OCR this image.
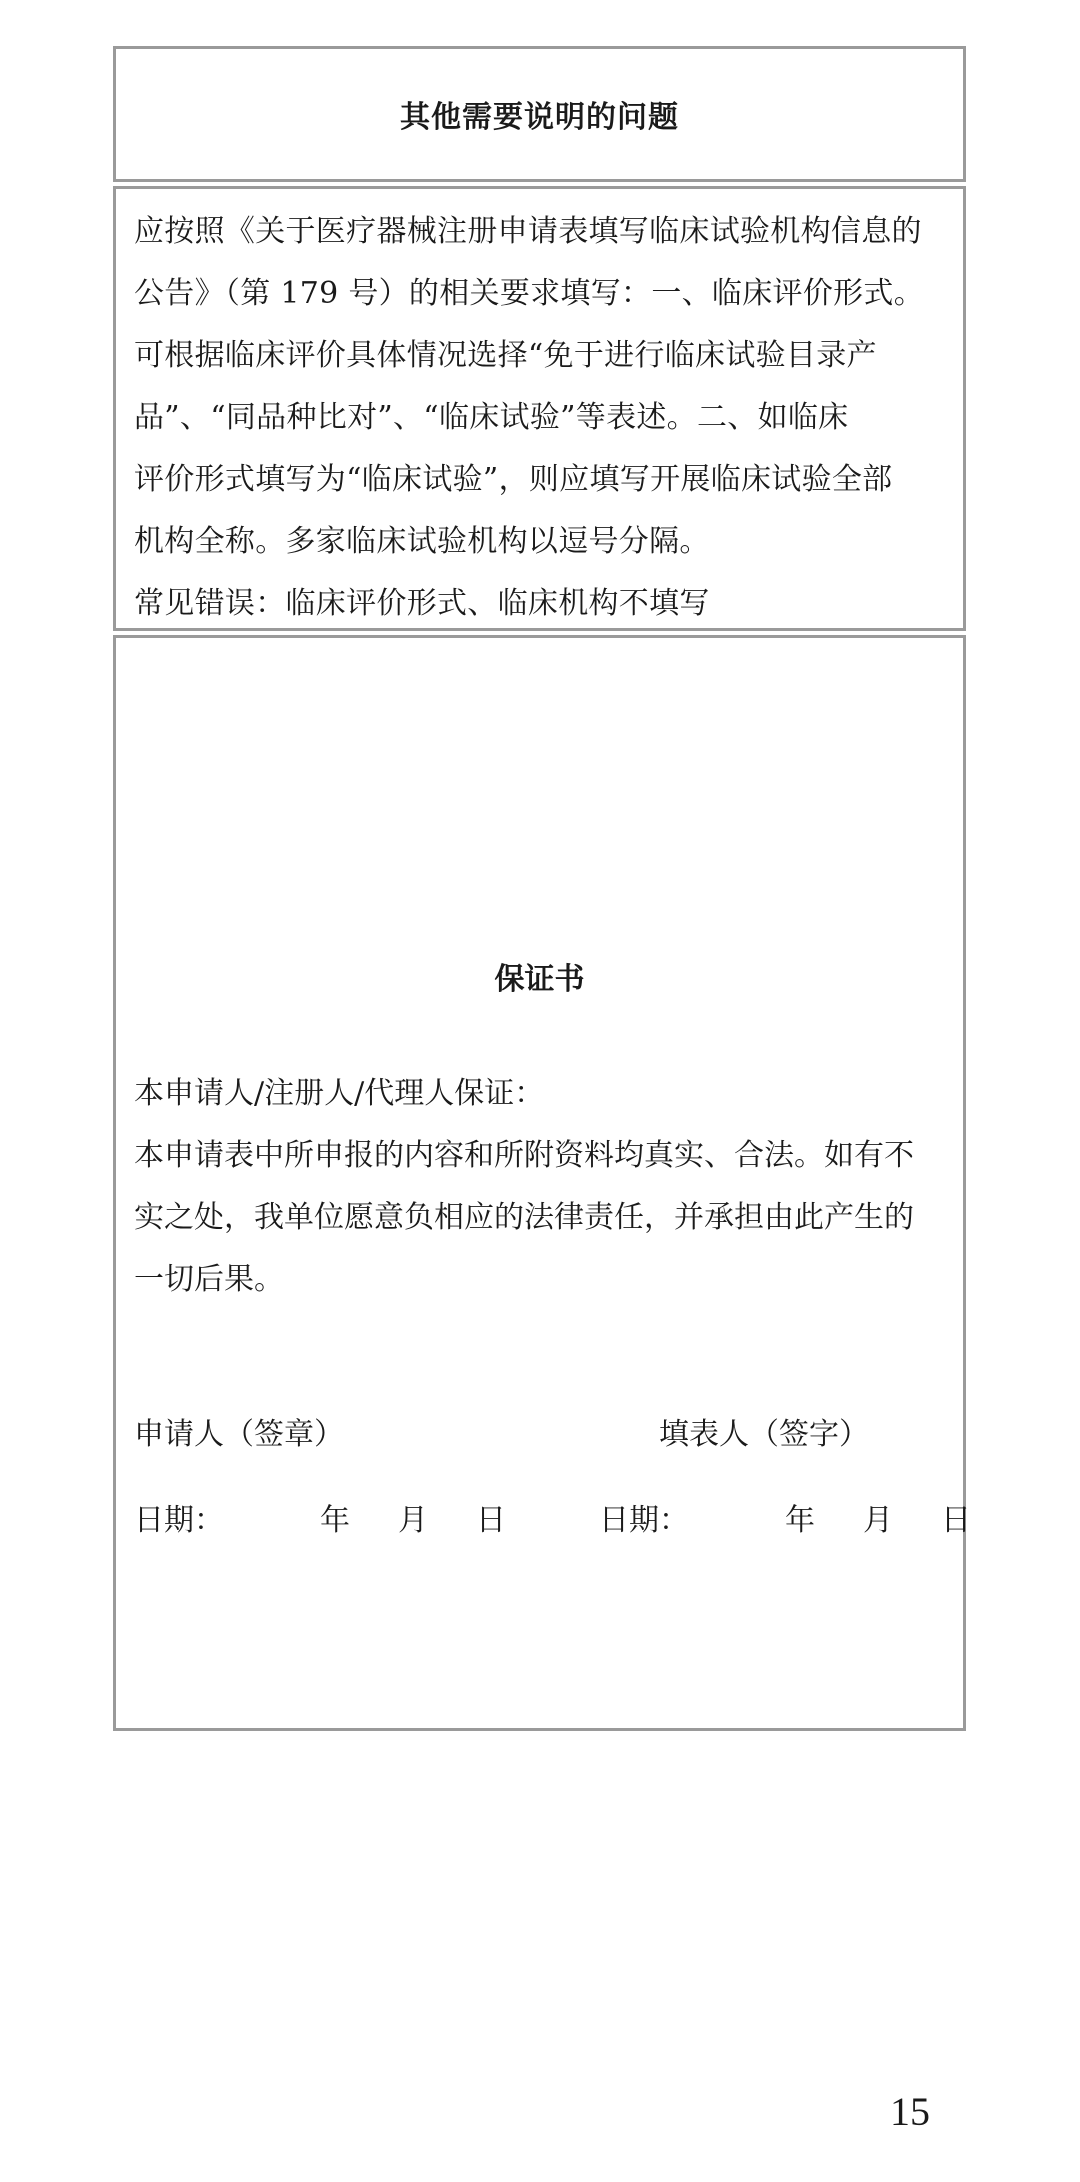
其他需要说明的问题
应按照《关于医疗器械注册申请表填写临床试验机构信息的
公告》（第 179 号）的相关要求填写：一、临床评价形式。
可根据临床评价具体情况选择“免于进行临床试验目录产
品”、“同品种比对”、“临床试验”等表述。二、如临床
评价形式填写为“临床试验”，则应填写开展临床试验全部
机构全称。多家临床试验机构以逗号分隔。
常见错误：临床评价形式、临床机构不填写
保证书
本申请人/注册人/代理人保证：
本申请表中所申报的内容和所附资料均真实、合法。如有不
实之处，我单位愿意负相应的法律责任，并承担由此产生的
一切后果。
申请人（签章）	填表人（签字）
日期：	年 月 日	日期：	年 月 日
15
